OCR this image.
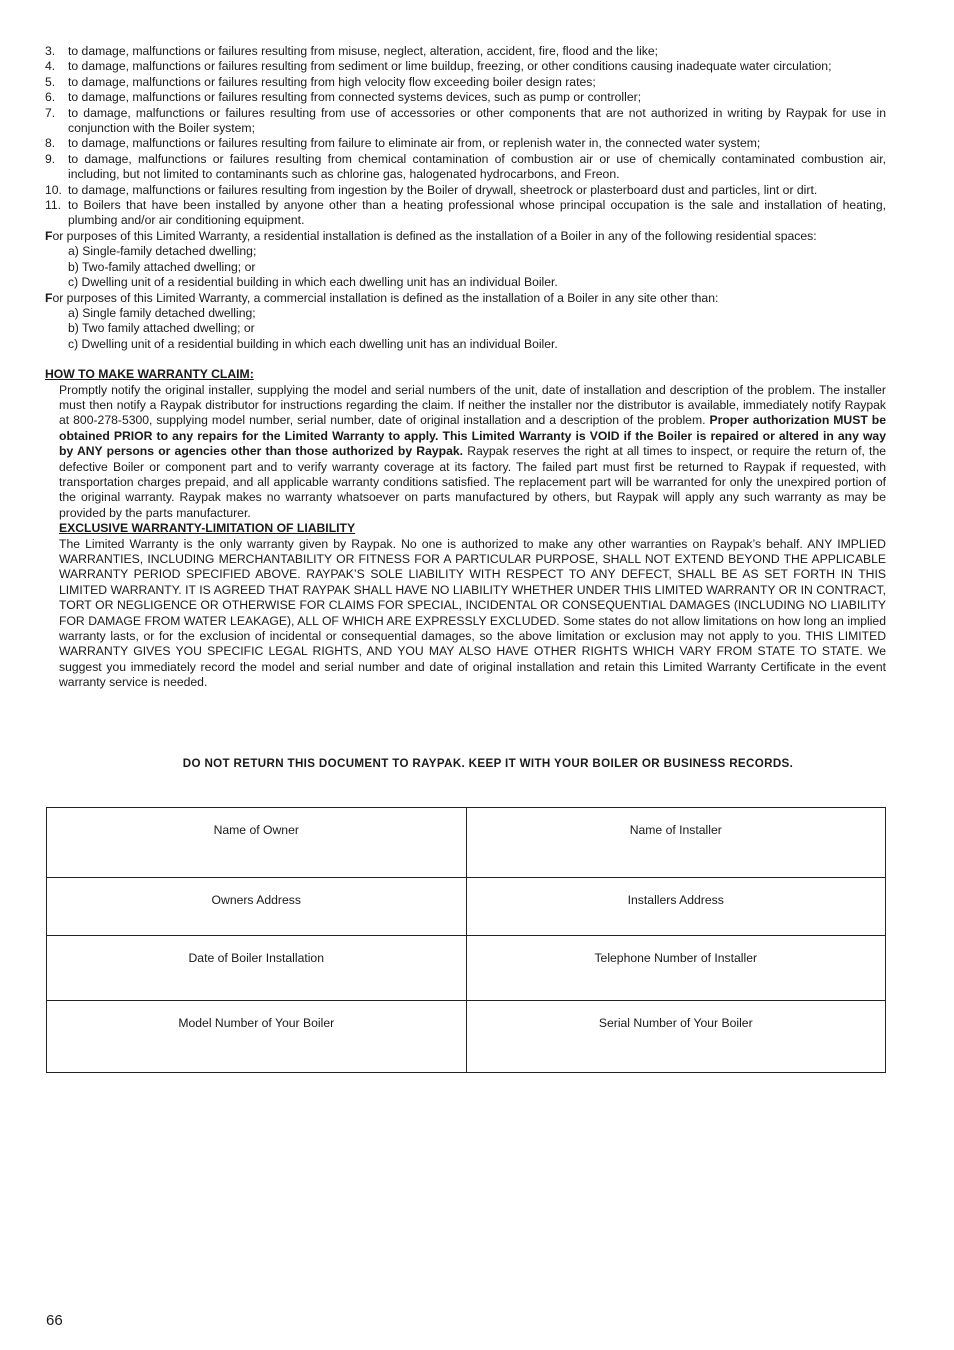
3.	to damage, malfunctions or failures resulting from misuse, neglect, alteration, accident, fire, flood and the like;
4.	to damage, malfunctions or failures resulting from sediment or lime buildup, freezing, or other conditions causing inadequate water circulation;
5.	to damage, malfunctions or failures resulting from high velocity flow exceeding boiler design rates;
6.	to damage, malfunctions or failures resulting from connected systems devices, such as pump or controller;
7.	to damage, malfunctions or failures resulting from use of accessories or other components that are not authorized in writing by Raypak for use in conjunction with the Boiler system;
8.	to damage, malfunctions or failures resulting from failure to eliminate air from, or replenish water in, the connected water system;
9.	to damage, malfunctions or failures resulting from chemical contamination of combustion air or use of chemically contaminated combustion air, including, but not limited to contaminants such as chlorine gas, halogenated hydrocarbons, and Freon.
10. to damage, malfunctions or failures resulting from ingestion by the Boiler of drywall, sheetrock or plasterboard dust and particles, lint or dirt.
11. to Boilers that have been installed by anyone other than a heating professional whose principal occupation is the sale and installation of heating, plumbing and/or air conditioning equipment.
For purposes of this Limited Warranty, a residential installation is defined as the installation of a Boiler in any of the following residential spaces:
a) Single-family detached dwelling;
b) Two-family attached dwelling; or
c) Dwelling unit of a residential building in which each dwelling unit has an individual Boiler.
For purposes of this Limited Warranty, a commercial installation is defined as the installation of a Boiler in any site other than:
a) Single family detached dwelling;
b) Two family attached dwelling; or
c) Dwelling unit of a residential building in which each dwelling unit has an individual Boiler.
HOW TO MAKE WARRANTY CLAIM:
Promptly notify the original installer, supplying the model and serial numbers of the unit, date of installation and description of the problem. The installer must then notify a Raypak distributor for instructions regarding the claim. If neither the installer nor the distributor is available, immediately notify Raypak at 800-278-5300, supplying model number, serial number, date of original installation and a description of the problem. Proper authorization MUST be obtained PRIOR to any repairs for the Limited Warranty to apply. This Limited Warranty is VOID if the Boiler is repaired or altered in any way by ANY persons or agencies other than those authorized by Raypak. Raypak reserves the right at all times to inspect, or require the return of, the defective Boiler or component part and to verify warranty coverage at its factory. The failed part must first be returned to Raypak if requested, with transportation charges prepaid, and all applicable warranty conditions satisfied. The replacement part will be warranted for only the unexpired portion of the original warranty. Raypak makes no warranty whatsoever on parts manufactured by others, but Raypak will apply any such warranty as may be provided by the parts manufacturer.
EXCLUSIVE WARRANTY-LIMITATION OF LIABILITY
The Limited Warranty is the only warranty given by Raypak. No one is authorized to make any other warranties on Raypak’s behalf. ANY IMPLIED WARRANTIES, INCLUDING MERCHANTABILITY OR FITNESS FOR A PARTICULAR PURPOSE, SHALL NOT EXTEND BEYOND THE APPLICABLE WARRANTY PERIOD SPECIFIED ABOVE. RAYPAK’S SOLE LIABILITY WITH RESPECT TO ANY DEFECT, SHALL BE AS SET FORTH IN THIS LIMITED WARRANTY. IT IS AGREED THAT RAYPAK SHALL HAVE NO LIABILITY WHETHER UNDER THIS LIMITED WARRANTY OR IN CONTRACT, TORT OR NEGLIGENCE OR OTHERWISE FOR CLAIMS FOR SPECIAL, INCIDENTAL OR CONSEQUENTIAL DAMAGES (INCLUDING NO LIABILITY FOR DAMAGE FROM WATER LEAKAGE), ALL OF WHICH ARE EXPRESSLY EXCLUDED. Some states do not allow limitations on how long an implied warranty lasts, or for the exclusion of incidental or consequential damages, so the above limitation or exclusion may not apply to you. THIS LIMITED WARRANTY GIVES YOU SPECIFIC LEGAL RIGHTS, AND YOU MAY ALSO HAVE OTHER RIGHTS WHICH VARY FROM STATE TO STATE. We suggest you immediately record the model and serial number and date of original installation and retain this Limited Warranty Certificate in the event warranty service is needed.
DO NOT RETURN THIS DOCUMENT TO RAYPAK. KEEP IT WITH YOUR BOILER OR BUSINESS RECORDS.
Name of Owner	Name of Installer
Owners Address	Installers Address
Date of Boiler Installation	Telephone Number of Installer
Model Number of Your Boiler	Serial Number of Your Boiler
66
